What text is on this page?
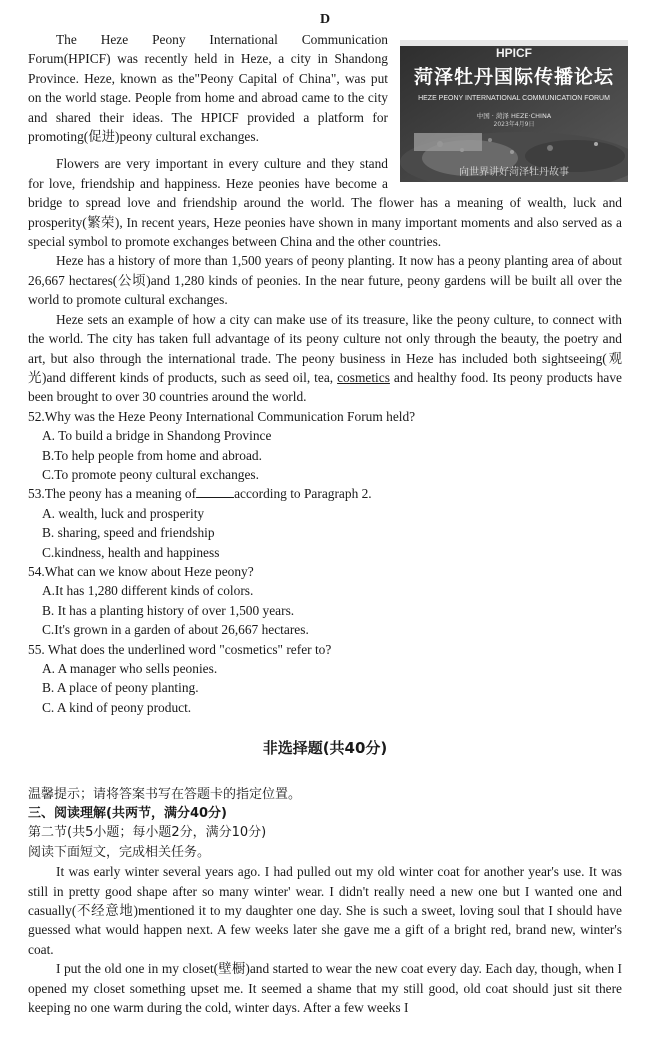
D
HPICF
菏泽牡丹国际传播论坛
HEZE PEONY INTERNATIONAL COMMUNICATION FORUM
中国 · 菏泽 HEZE·CHINA
2023年4月9日
向世界讲好菏泽牡丹故事

The Heze Peony International Communication Forum(HPICF) was recently held in Heze, a city in Shandong Province. Heze, known as the"Peony Capital of China", was put on the world stage. People from home and abroad came to the city and shared their ideas. The HPICF provided a platform for promoting(促进)peony cultural exchanges.

Flowers are very important in every culture and they stand for love, friendship and happiness. Heze peonies have become a bridge to spread love and friendship around the world. The flower has a meaning of wealth, luck and prosperity(繁荣), In recent years, Heze peonies have shown in many important moments and also served as a special symbol to promote exchanges between China and the other countries.

Heze has a history of more than 1,500 years of peony planting. It now has a peony planting area of about 26,667 hectares(公顷)and 1,280 kinds of peonies. In the near future, peony gardens will be built all over the world to promote cultural exchanges.

Heze sets an example of how a city can make use of its treasure, like the peony culture, to connect with the world. The city has taken full advantage of its peony culture not only through the beauty, the poetry and art, but also through the international trade. The peony business in Heze has included both sightseeing(观光)and different kinds of products, such as seed oil, tea, cosmetics and healthy food. Its peony products have been brought to over 30 countries around the world.

52.Why was the Heze Peony International Communication Forum held?
A. To build a bridge in Shandong Province
B.To help people from home and abroad.
C.To promote peony cultural exchanges.
53.The peony has a meaning of	according to Paragraph 2.
A. wealth, luck and prosperity
B. sharing, speed and friendship
C.kindness, health and happiness
54.What can we know about Heze peony?
A.It has 1,280 different kinds of colors.
B. It has a planting history of over 1,500 years.
C.It's grown in a garden of about 26,667 hectares.
55. What does the underlined word "cosmetics" refer to?
A. A manager who sells peonies.
B. A place of peony planting.
C. A kind of peony product.
非选择题(共40分)
温馨提示；请将答案书写在答题卡的指定位置。
三、阅读理解(共两节，满分40分)
第二节(共5小题；每小题2分，满分10分)
阅读下面短文，完成相关任务。

It was early winter several years ago. I had pulled out my old winter coat for another year's use. It was still in pretty good shape after so many winter' wear. I didn't really need a new one but I wanted one and casually(不经意地)mentioned it to my daughter one day. She is such a sweet, loving soul that I should have guessed what would happen next. A few weeks later she gave me a gift of a bright red, brand new, winter's coat.

I put the old one in my closet(壁橱)and started to wear the new coat every day. Each day, though, when I opened my closet something upset me. It seemed a shame that my still good, old coat should just sit there keeping no one warm during the cold, winter days. After a few weeks I
